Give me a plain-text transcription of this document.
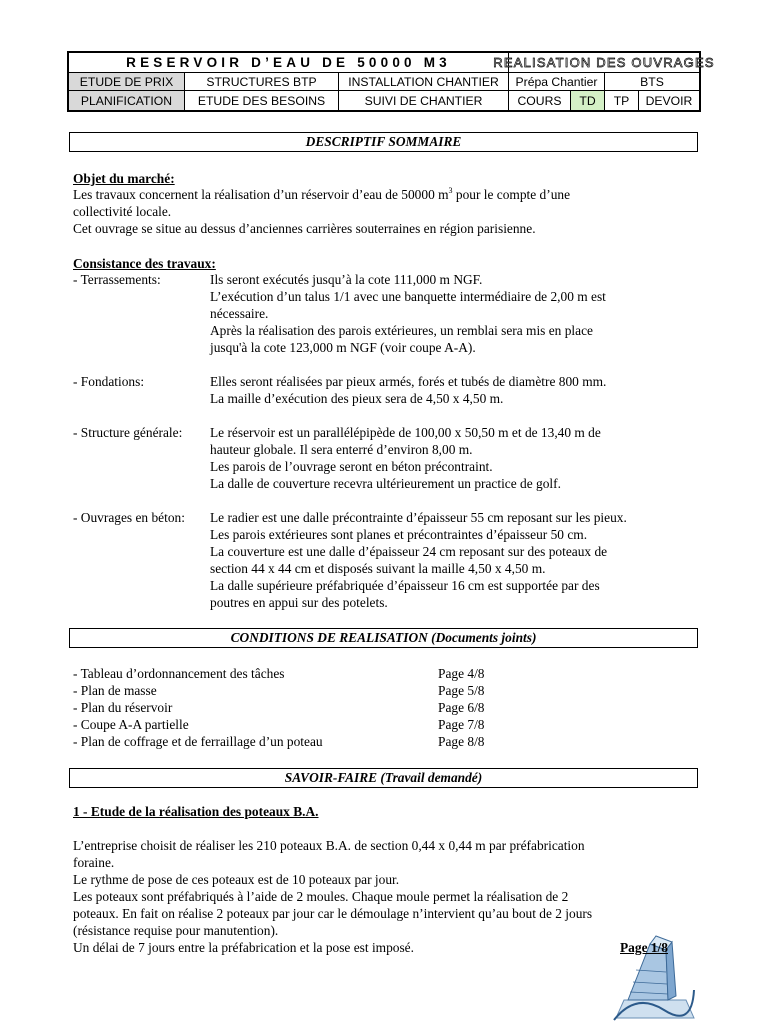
RESERVOIR D’EAU DE 50000 M3	REALISATION DES OUVRAGES
ETUDE DE PRIX	STRUCTURES BTP	INSTALLATION CHANTIER	Prépa Chantier	BTS
PLANIFICATION	ETUDE DES BESOINS	SUIVI DE CHANTIER	COURS	TD	TP	DEVOIR
DESCRIPTIF SOMMAIRE
Objet du marché:
Les travaux concernent la réalisation d’un réservoir d’eau de 50000 $m^3$ pour le compte d’une
collectivité locale.
Cet ouvrage se situe au dessus d’anciennes carrières souterraines en région parisienne.
Consistance des travaux:
- Terrassements:	Ils seront exécutés jusqu’à la cote 111,000 m NGF.
L’exécution d’un talus 1/1 avec une banquette intermédiaire de 2,00 m est
nécessaire.
Après la réalisation des parois extérieures, un remblai sera mis en place
jusqu'à la cote 123,000 m NGF (voir coupe A-A).
- Fondations:	Elles seront réalisées par pieux armés, forés et tubés de diamètre 800 mm.
La maille d’exécution des pieux sera de 4,50 x 4,50 m.
- Structure générale: Le réservoir est un parallélépipède de 100,00 x 50,50 m et de 13,40 m de
hauteur globale. Il sera enterré d’environ 8,00 m.
Les parois de l’ouvrage seront en béton précontraint.
La dalle de couverture recevra ultérieurement un practice de golf.
- Ouvrages en béton: Le radier est une dalle précontrainte d’épaisseur 55 cm reposant sur les pieux.
Les parois extérieures sont planes et précontraintes d’épaisseur 50 cm.
La couverture est une dalle d’épaisseur 24 cm reposant sur des poteaux de
section 44 x 44 cm et disposés suivant la maille 4,50 x 4,50 m.
La dalle supérieure préfabriquée d’épaisseur 16 cm est supportée par des
poutres en appui sur des potelets.
CONDITIONS DE REALISATION (Documents joints)
- Tableau d’ordonnancement des tâches	Page 4/8
- Plan de masse	Page 5/8
- Plan du réservoir	Page 6/8
- Coupe A-A partielle	Page 7/8
- Plan de coffrage et de ferraillage d’un poteau	Page 8/8
SAVOIR-FAIRE (Travail demandé)
1 - Etude de la réalisation des poteaux B.A.
L’entreprise choisit de réaliser les 210 poteaux B.A. de section 0,44 x 0,44 m par préfabrication
foraine.
Le rythme de pose de ces poteaux est de 10 poteaux par jour.
Les poteaux sont préfabriqués à l’aide de 2 moules. Chaque moule permet la réalisation de 2
poteaux. En fait on réalise 2 poteaux par jour car le démoulage n’intervient qu’au bout de 2 jours
(résistance requise pour manutention).
Un délai de 7 jours entre la préfabrication et la pose est imposé.	Page 1/8
